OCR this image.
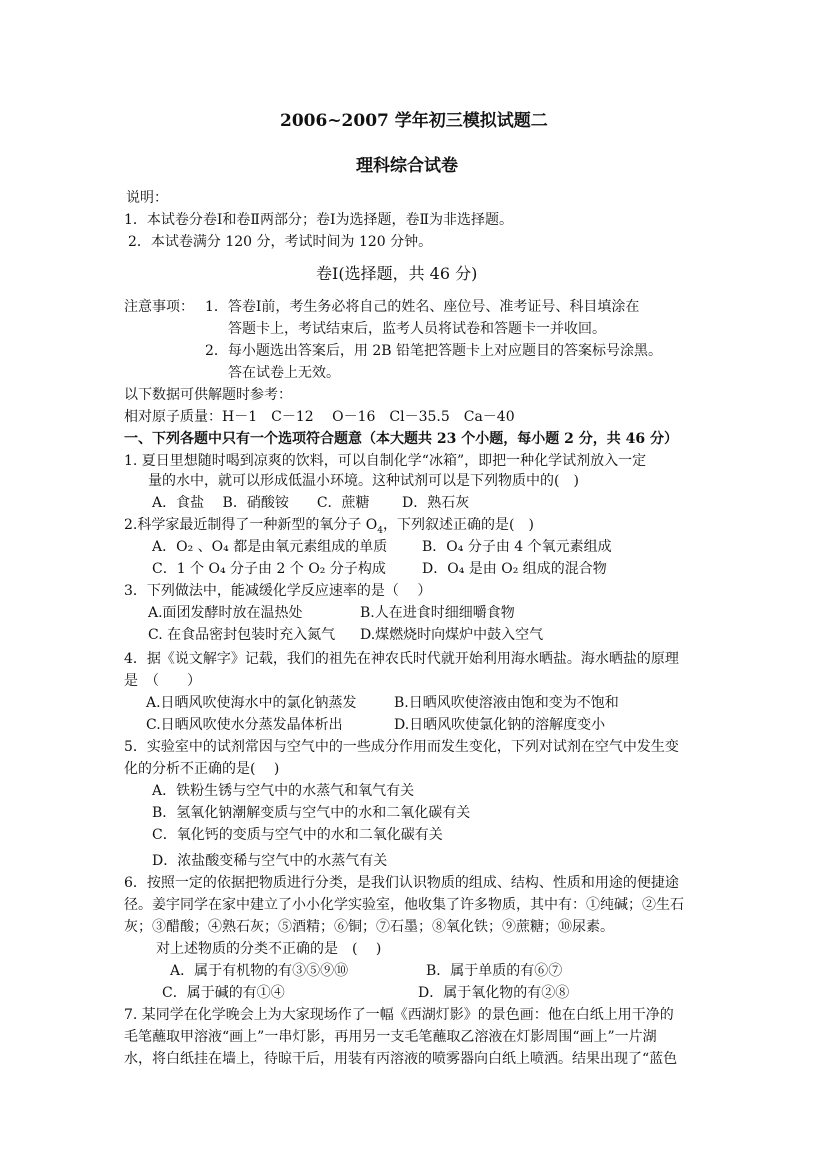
2006~2007 学年初三模拟试题二
理科综合试卷
说明：
1．本试卷分卷Ⅰ和卷Ⅱ两部分；卷Ⅰ为选择题，卷Ⅱ为非选择题。
2．本试卷满分 120 分，考试时间为 120 分钟。
卷Ⅰ(选择题，共 46 分)
注意事项： 1．答卷Ⅰ前，考生务必将自己的姓名、座位号、准考证号、科目填涂在
答题卡上，考试结束后，监考人员将试卷和答题卡一并收回。
2．每小题选出答案后，用 2B 铅笔把答题卡上对应题目的答案标号涂黑。
答在试卷上无效。
以下数据可供解题时参考：
相对原子质量：H－1　C－12　 O－16　Cl－35.5　Ca－40
一、下列各题中只有一个选项符合题意（本大题共 23 个小题，每小题 2 分，共 46 分）
1. 夏日里想随时喝到凉爽的饮料，可以自制化学“冰箱”，即把一种化学试剂放入一定
量的水中，就可以形成低温小环境。这种试剂可以是下列物质中的(　)
A．食盐　 B．硝酸铵　　C．蔗糖　　 D．熟石灰
2.科学家最近制得了一种新型的氧分子 $O_4$，下列叙述正确的是(　)
A．O₂ 、O₄ 都是由氧元素组成的单质 B．O₄ 分子由 4 个氧元素组成
C．1 个 O₄ 分子由 2 个 O₂ 分子构成	D．O₄ 是由 O₂ 组成的混合物
3．下列做法中，能减缓化学反应速率的是（　 ）
A.面团发酵时放在温热处	B.人在进食时细细嚼食物
C. 在食品密封包装时充入氮气 D.煤燃烧时向煤炉中鼓入空气
4．据《说文解字》记载，我们的祖先在神农氏时代就开始利用海水晒盐。海水晒盐的原理
是　（　　）
A.日晒风吹使海水中的氯化钠蒸发	B.日晒风吹使溶液由饱和变为不饱和
C.日晒风吹使水分蒸发晶体析出	D.日晒风吹使氯化钠的溶解度变小
5．实验室中的试剂常因与空气中的一些成分作用而发生变化，下列对试剂在空气中发生变
化的分析不正确的是(　 )
A．铁粉生锈与空气中的水蒸气和氧气有关
B．氢氧化钠潮解变质与空气中的水和二氧化碳有关
C．氧化钙的变质与空气中的水和二氧化碳有关
D．浓盐酸变稀与空气中的水蒸气有关
6．按照一定的依据把物质进行分类，是我们认识物质的组成、结构、性质和用途的便捷途
径。姜宇同学在家中建立了小小化学实验室，他收集了许多物质，其中有：①纯碱；②生石
灰；③醋酸；④熟石灰；⑤酒精；⑥铜；⑦石墨；⑧氧化铁；⑨蔗糖；⑩尿素。
对上述物质的分类不正确的是　(　 )
A．属于有机物的有③⑤⑨⑩	B．属于单质的有⑥⑦
C．属于碱的有①④	D．属于氧化物的有②⑧
7. 某同学在化学晚会上为大家现场作了一幅《西湖灯影》的景色画：他在白纸上用干净的
毛笔蘸取甲溶液“画上”一串灯影，再用另一支毛笔蘸取乙溶液在灯影周围“画上”一片湖
水，将白纸挂在墙上，待晾干后，用装有丙溶液的喷雾器向白纸上喷洒。结果出现了“蓝色
